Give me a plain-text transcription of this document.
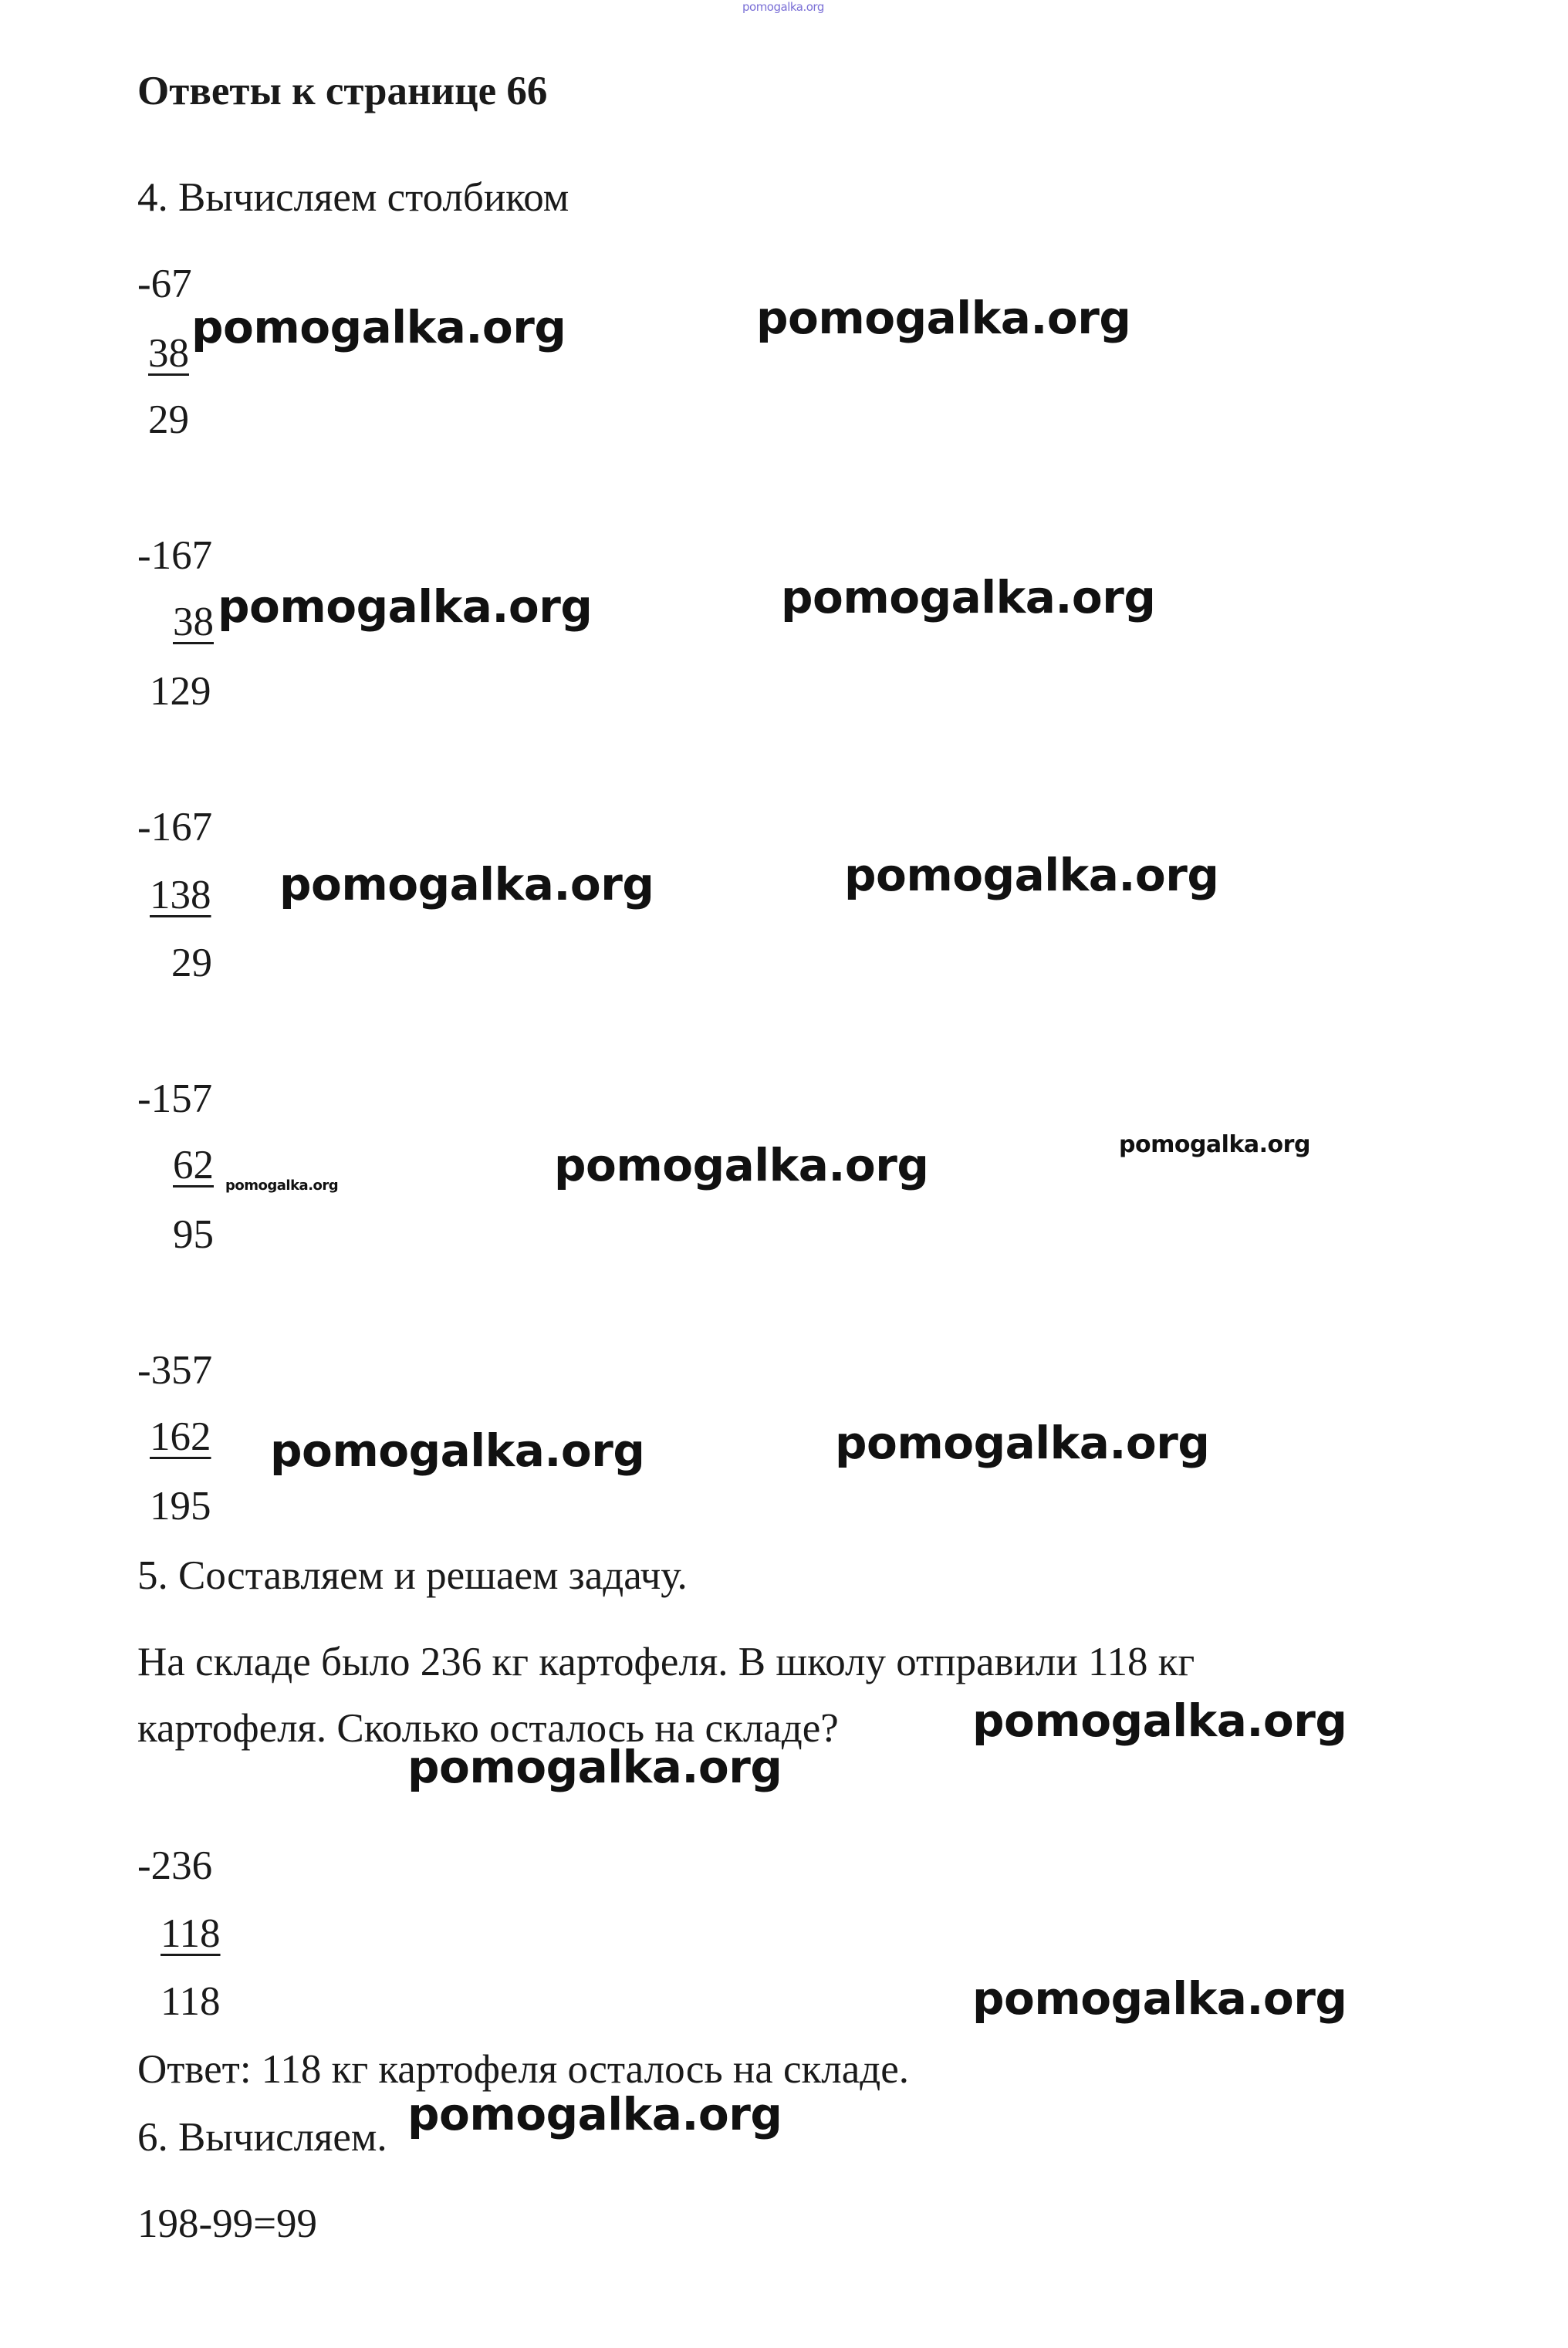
pomogalka.org
Ответы к странице 66
4. Вычисляем столбиком
-67
38
29
-167
38
129
-167
138
29
-157
62
95
-357
162
195
5. Составляем и решаем задачу.
На складе было 236 кг картофеля. В школу отправили 118 кг
картофеля. Сколько осталось на складе?
-236
118
118
Ответ: 118 кг картофеля осталось на складе.
6. Вычисляем.
198-99=99
pomogalka.org	pomogalka.org
pomogalka.org	pomogalka.org
pomogalka.org	pomogalka.org
pomogalka.org	pomogalka.org	pomogalka.org
pomogalka.org	pomogalka.org
pomogalka.org
pomogalka.org
pomogalka.org
pomogalka.org
